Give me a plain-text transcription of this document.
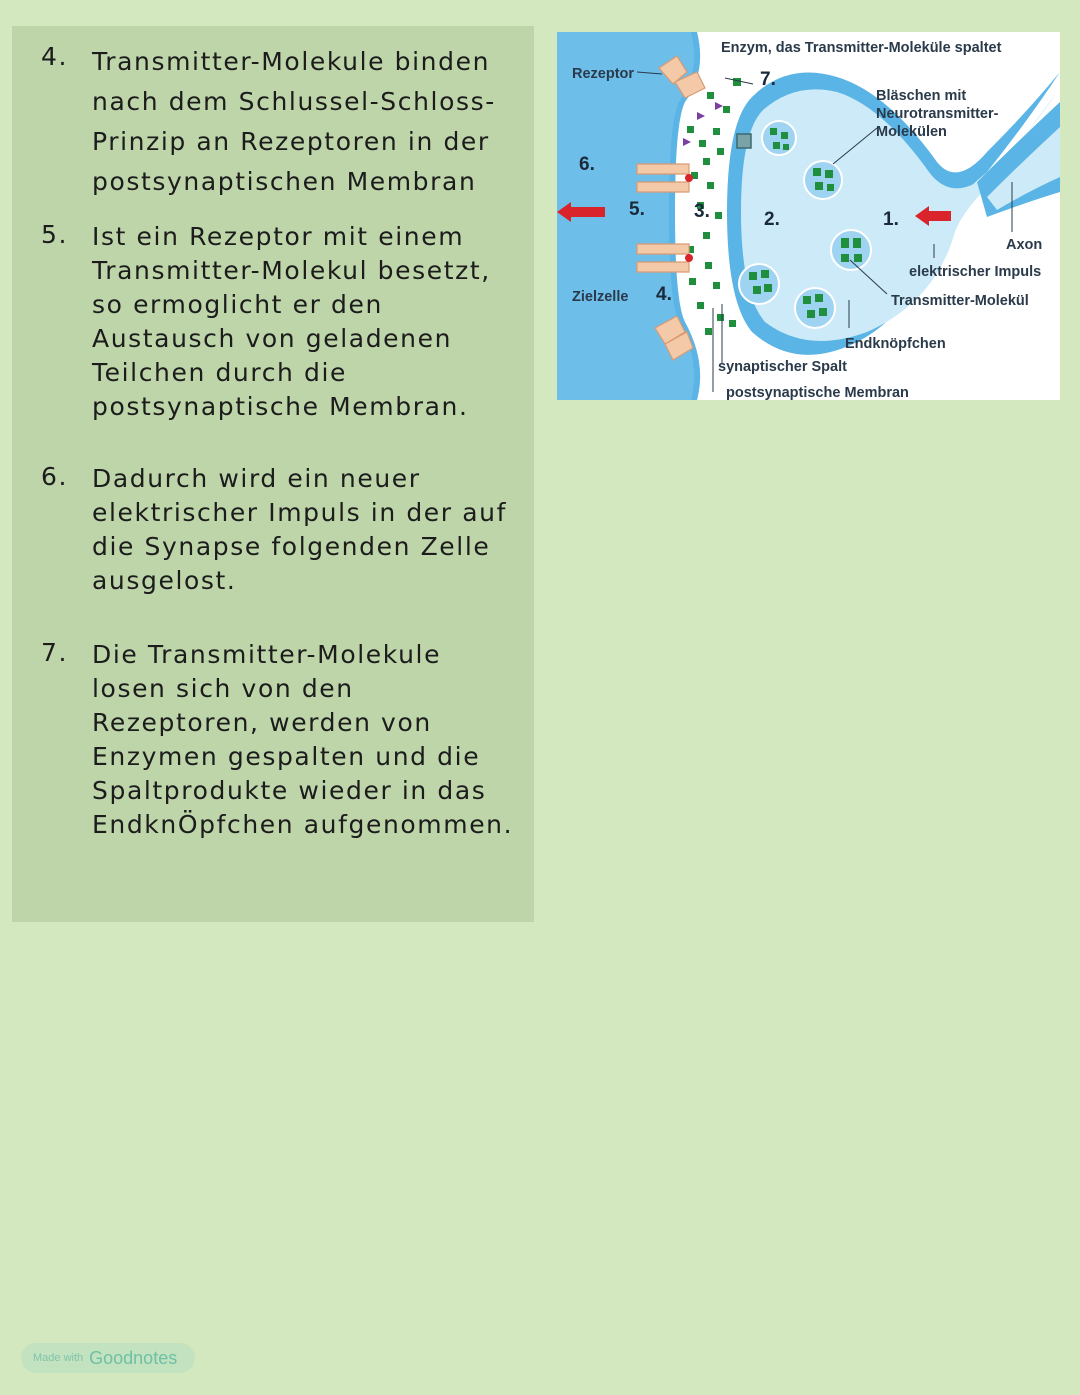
4. Transmitter-Molekule binden
nach dem Schlussel-Schloss-
Prinzip an Rezeptoren in der
postsynaptischen Membran
5. Ist ein Rezeptor mit einem
Transmitter-Molekul besetzt,
so ermoglicht er den
Austausch von geladenen
Teilchen durch die
postsynaptische Membran.
6. Dadurch wird ein neuer
elektrischer Impuls in der auf
die Synapse folgenden Zelle
ausgelost.
7. Die Transmitter-Molekule
losen sich von den
Rezeptoren, werden von
Enzymen gespalten und die
Spaltprodukte wieder in das
EndknÖpfchen aufgenommen.
Enzym, das Transmitter-Moleküle spaltet
Rezeptor
Bläschen mit
Neurotransmitter-
Molekülen
Axon
elektrischer Impuls
Transmitter-Molekül
Zielzelle
Endknöpfchen
synaptischer Spalt
postsynaptische Membran
1.
2.
3.
4.
5.
6.
7.
Made with Goodnotes
